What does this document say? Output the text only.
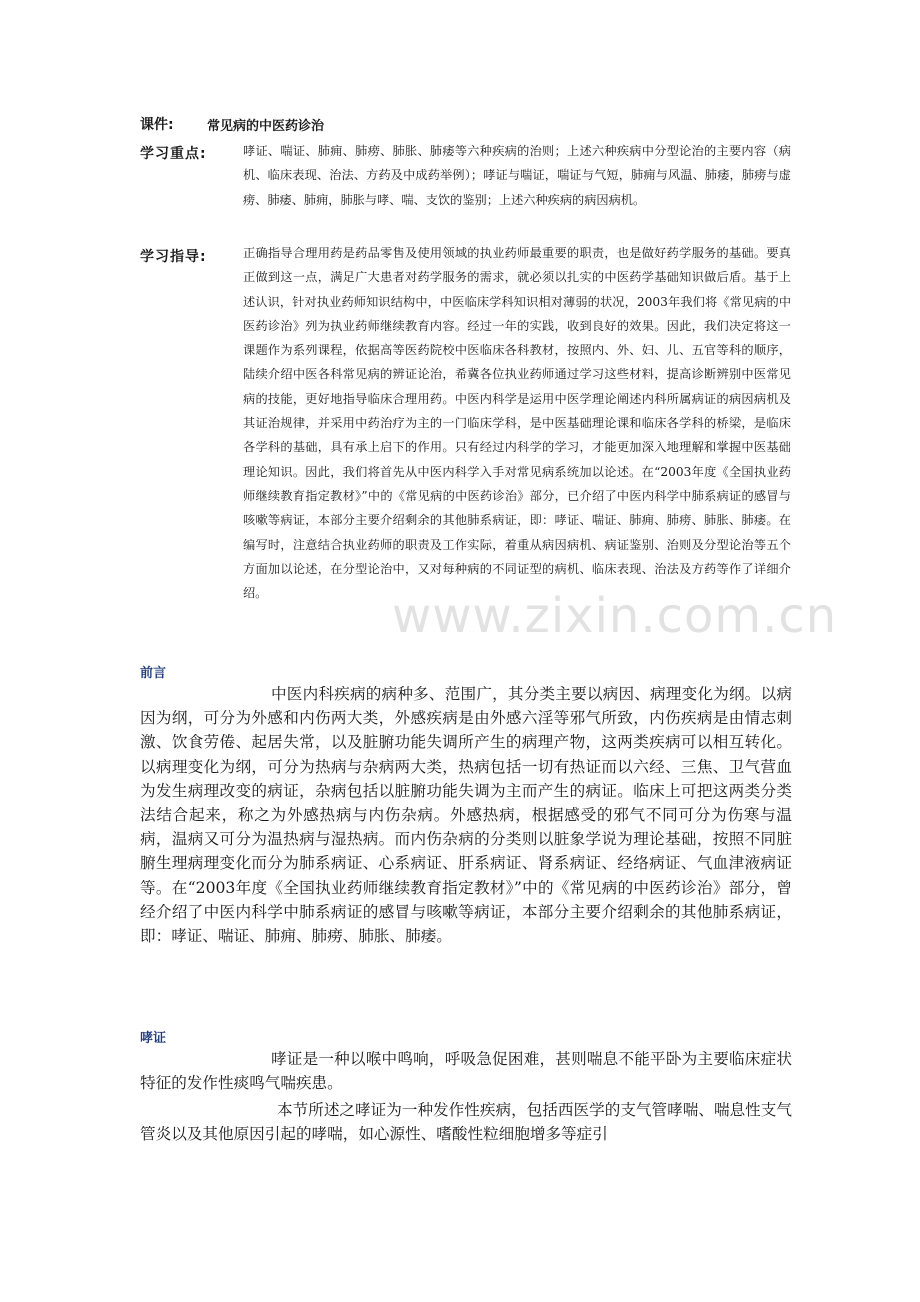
课件:	常见病的中医药诊治
学习重点:	哮证、喘证、肺痈、肺痨、肺胀、肺痿等六种疾病的治则；上述六种疾病中分型论治的主要内容（病机、临床表现、治法、方药及中成药举例）；哮证与喘证，喘证与气短，肺痈与风温、肺痿，肺痨与虚痨、肺痿、肺痈，肺胀与哮、喘、支饮的鉴别；上述六种疾病的病因病机。
学习指导:	正确指导合理用药是药品零售及使用领域的执业药师最重要的职责，也是做好药学服务的基础。要真正做到这一点，满足广大患者对药学服务的需求，就必须以扎实的中医药学基础知识做后盾。基于上述认识，针对执业药师知识结构中，中医临床学科知识相对薄弱的状况，2003年我们将《常见病的中医药诊治》列为执业药师继续教育内容。经过一年的实践，收到良好的效果。因此，我们决定将这一课题作为系列课程，依据高等医药院校中医临床各科教材，按照内、外、妇、儿、五官等科的顺序，陆续介绍中医各科常见病的辨证论治，希冀各位执业药师通过学习这些材料，提高诊断辨别中医常见病的技能，更好地指导临床合理用药。中医内科学是运用中医学理论阐述内科所属病证的病因病机及其证治规律，并采用中药治疗为主的一门临床学科，是中医基础理论课和临床各学科的桥梁，是临床各学科的基础，具有承上启下的作用。只有经过内科学的学习，才能更加深入地理解和掌握中医基础理论知识。因此，我们将首先从中医内科学入手对常见病系统加以论述。在“2003年度《全国执业药师继续教育指定教材》”中的《常见病的中医药诊治》部分，已介绍了中医内科学中肺系病证的感冒与咳嗽等病证，本部分主要介绍剩余的其他肺系病证，即：哮证、喘证、肺痈、肺痨、肺胀、肺痿。在编写时，注意结合执业药师的职责及工作实际，着重从病因病机、病证鉴别、治则及分型论治等五个方面加以论述，在分型论治中，又对每种病的不同证型的病机、临床表现、治法及方药等作了详细介绍。
前言
中医内科疾病的病种多、范围广，其分类主要以病因、病理变化为纲。以病因为纲，可分为外感和内伤两大类，外感疾病是由外感六淫等邪气所致，内伤疾病是由情志刺激、饮食劳倦、起居失常，以及脏腑功能失调所产生的病理产物，这两类疾病可以相互转化。以病理变化为纲，可分为热病与杂病两大类，热病包括一切有热证而以六经、三焦、卫气营血为发生病理改变的病证，杂病包括以脏腑功能失调为主而产生的病证。临床上可把这两类分类法结合起来，称之为外感热病与内伤杂病。外感热病，根据感受的邪气不同可分为伤寒与温病，温病又可分为温热病与湿热病。而内伤杂病的分类则以脏象学说为理论基础，按照不同脏腑生理病理变化而分为肺系病证、心系病证、肝系病证、肾系病证、经络病证、气血津液病证等。在“2003年度《全国执业药师继续教育指定教材》”中的《常见病的中医药诊治》部分，曾经介绍了中医内科学中肺系病证的感冒与咳嗽等病证，本部分主要介绍剩余的其他肺系病证，即：哮证、喘证、肺痈、肺痨、肺胀、肺痿。
哮证
哮证是一种以喉中鸣响，呼吸急促困难，甚则喘息不能平卧为主要临床症状特征的发作性痰鸣气喘疾患。
本节所述之哮证为一种发作性疾病，包括西医学的支气管哮喘、喘息性支气管炎以及其他原因引起的哮喘，如心源性、嗜酸性粒细胞增多等症引
www.zixin.com.cn
